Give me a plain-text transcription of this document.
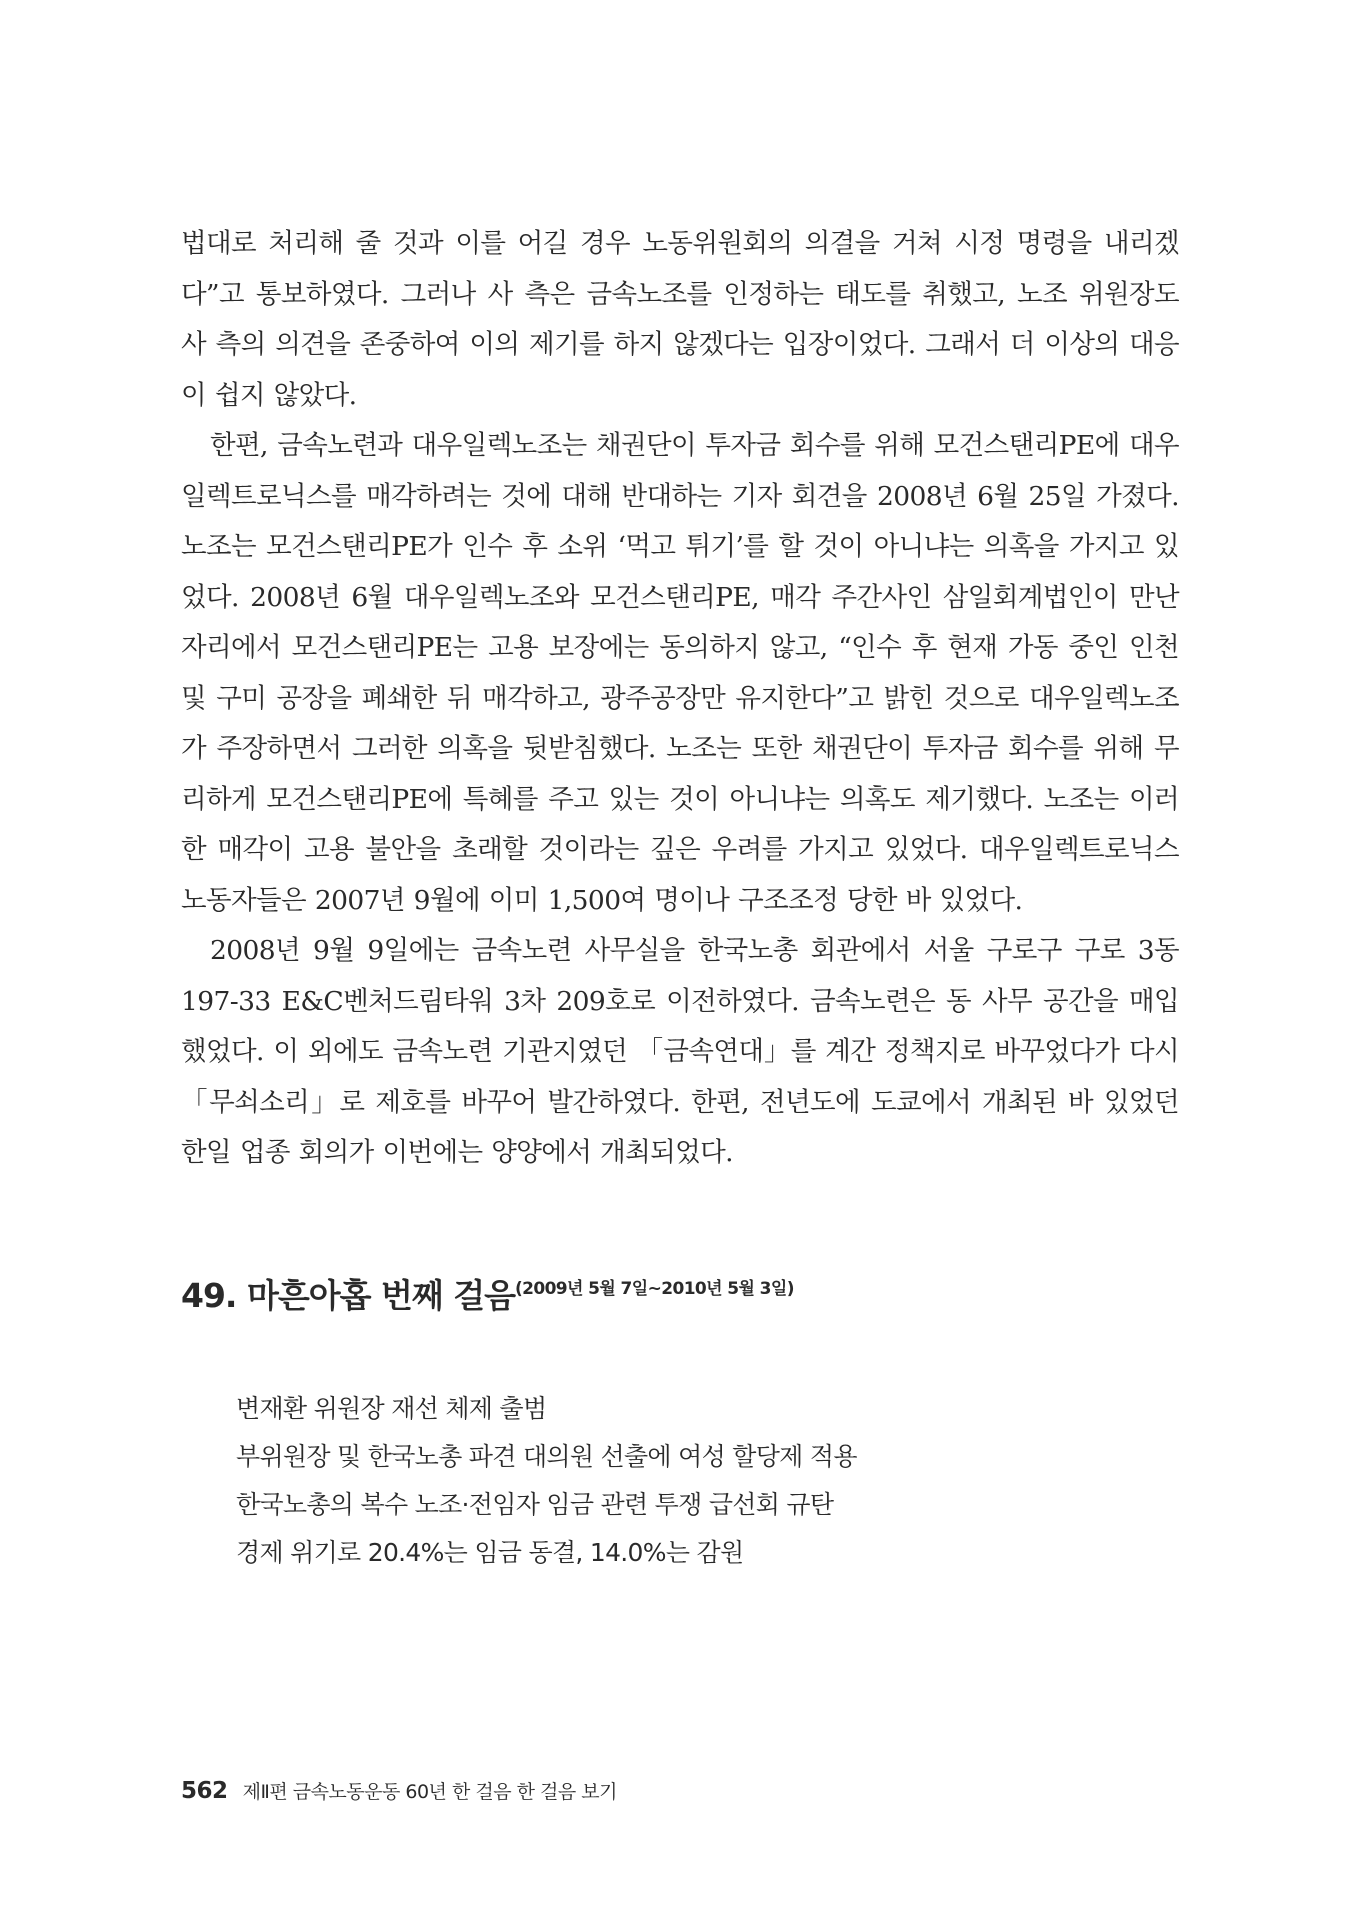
법대로 처리해 줄 것과 이를 어길 경우 노동위원회의 의결을 거쳐 시정 명령을 내리겠다”고 통보하였다. 그러나 사 측은 금속노조를 인정하는 태도를 취했고, 노조 위원장도 사 측의 의견을 존중하여 이의 제기를 하지 않겠다는 입장이었다. 그래서 더 이상의 대응이 쉽지 않았다.

한편, 금속노련과 대우일렉노조는 채권단이 투자금 회수를 위해 모건스탠리PE에 대우일렉트로닉스를 매각하려는 것에 대해 반대하는 기자 회견을 2008년 6월 25일 가졌다. 노조는 모건스탠리PE가 인수 후 소위 ‘먹고 튀기’를 할 것이 아니냐는 의혹을 가지고 있었다. 2008년 6월 대우일렉노조와 모건스탠리PE, 매각 주간사인 삼일회계법인이 만난 자리에서 모건스탠리PE는 고용 보장에는 동의하지 않고, “인수 후 현재 가동 중인 인천 및 구미 공장을 폐쇄한 뒤 매각하고, 광주공장만 유지한다”고 밝힌 것으로 대우일렉노조가 주장하면서 그러한 의혹을 뒷받침했다. 노조는 또한 채권단이 투자금 회수를 위해 무리하게 모건스탠리PE에 특혜를 주고 있는 것이 아니냐는 의혹도 제기했다. 노조는 이러한 매각이 고용 불안을 초래할 것이라는 깊은 우려를 가지고 있었다. 대우일렉트로닉스 노동자들은 2007년 9월에 이미 1,500여 명이나 구조조정 당한 바 있었다.

2008년 9월 9일에는 금속노련 사무실을 한국노총 회관에서 서울 구로구 구로 3동 197-33 E&C벤처드림타워 3차 209호로 이전하였다. 금속노련은 동 사무 공간을 매입했었다. 이 외에도 금속노련 기관지였던 「금속연대」를 계간 정책지로 바꾸었다가 다시 「무쇠소리」로 제호를 바꾸어 발간하였다. 한편, 전년도에 도쿄에서 개최된 바 있었던 한일 업종 회의가 이번에는 양양에서 개최되었다.

49. 마흔아홉 번째 걸음(2009년 5월 7일~2010년 5월 3일)
변재환 위원장 재선 체제 출범
부위원장 및 한국노총 파견 대의원 선출에 여성 할당제 적용
한국노총의 복수 노조·전임자 임금 관련 투쟁 급선회 규탄
경제 위기로 20.4%는 임금 동결, 14.0%는 감원
562 제Ⅱ편 금속노동운동 60년 한 걸음 한 걸음 보기
